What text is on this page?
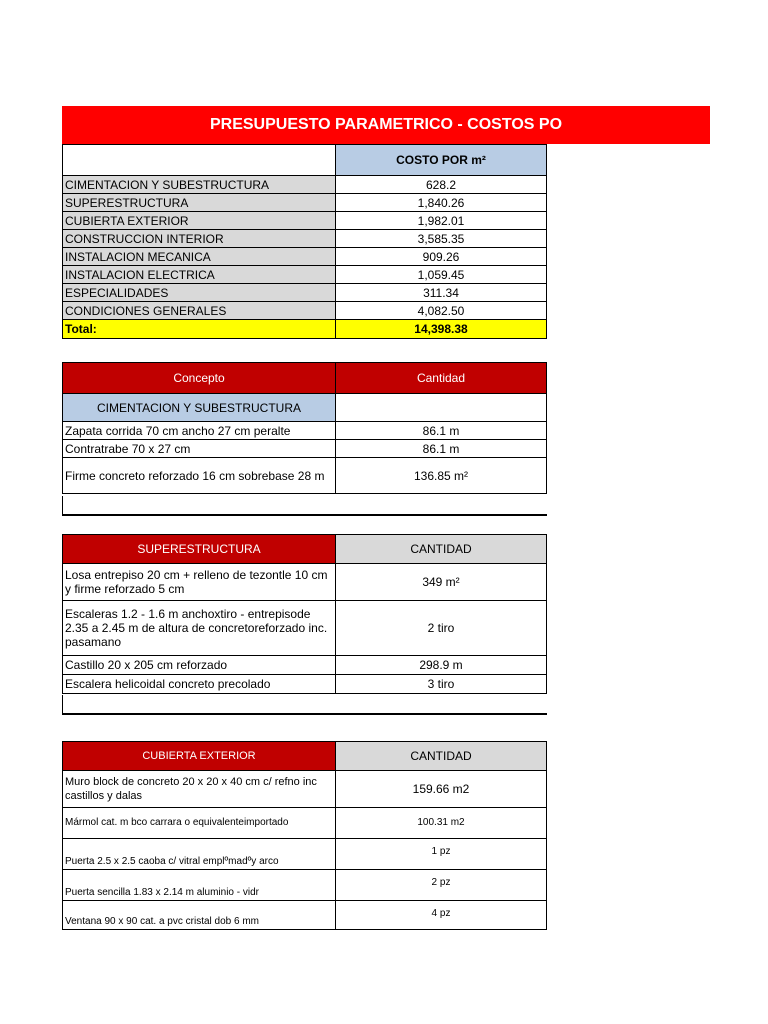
PRESUPUESTO PARAMETRICO - COSTOS PO
	COSTO POR m²
CIMENTACION Y SUBESTRUCTURA	628.2
SUPERESTRUCTURA	1,840.26
CUBIERTA EXTERIOR	1,982.01
CONSTRUCCION INTERIOR	3,585.35
INSTALACION MECANICA	909.26
INSTALACION ELECTRICA	1,059.45
ESPECIALIDADES	311.34
CONDICIONES GENERALES	4,082.50
Total:	14,398.38
Concepto	Cantidad
CIMENTACION Y SUBESTRUCTURA	
Zapata corrida 70 cm ancho 27 cm peralte	86.1 m
Contratrabe 70 x 27 cm	86.1 m
Firme concreto reforzado 16 cm sobrebase 28 m	136.85 m²
SUPERESTRUCTURA	CANTIDAD
Losa entrepiso 20 cm + relleno de tezontle 10 cm y firme reforzado 5 cm	349 m²
Escaleras 1.2 - 1.6 m anchoxtiro - entrepisode 2.35 a 2.45 m de altura de concretoreforzado inc. pasamano	2 tiro
Castillo 20 x 205 cm reforzado	298.9 m
Escalera helicoidal concreto precolado	3 tiro
CUBIERTA EXTERIOR	CANTIDAD
Muro block de concreto 20 x 20 x 40 cm c/ refno inc castillos y dalas	159.66 m2
Mármol cat. m bco carrara o equivalenteimportado	100.31 m2
Puerta 2.5 x 2.5 caoba c/ vitral emplºmadºy arco	1 pz
Puerta sencilla 1.83 x 2.14 m aluminio - vidr	2 pz
Ventana 90 x 90 cat. a pvc cristal dob 6 mm	4 pz
